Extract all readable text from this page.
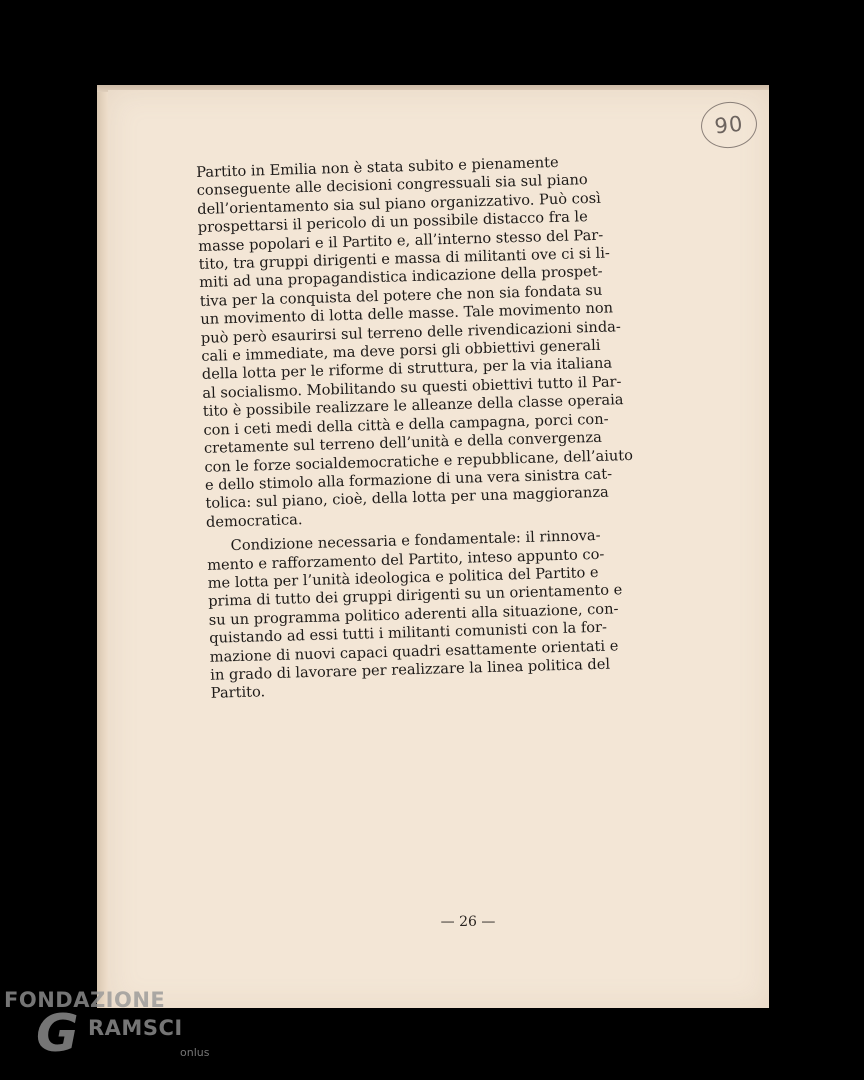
90

Partito in Emilia non è stata subito e pienamente
conseguente alle decisioni congressuali sia sul piano
dell’orientamento sia sul piano organizzativo. Può così
prospettarsi il pericolo di un possibile distacco fra le
masse popolari e il Partito e, all’interno stesso del Par-
tito, tra gruppi dirigenti e massa di militanti ove ci si li-
miti ad una propagandistica indicazione della prospet-
tiva per la conquista del potere che non sia fondata su
un movimento di lotta delle masse. Tale movimento non
può però esaurirsi sul terreno delle rivendicazioni sinda-
cali e immediate, ma deve porsi gli obbiettivi generali
della lotta per le riforme di struttura, per la via italiana
al socialismo. Mobilitando su questi obiettivi tutto il Par-
tito è possibile realizzare le alleanze della classe operaia
con i ceti medi della città e della campagna, porci con-
cretamente sul terreno dell’unità e della convergenza
con le forze socialdemocratiche e repubblicane, dell’aiuto
e dello stimolo alla formazione di una vera sinistra cat-
tolica: sul piano, cioè, della lotta per una maggioranza
democratica.

Condizione necessaria e fondamentale: il rinnova-
mento e rafforzamento del Partito, inteso appunto co-
me lotta per l’unità ideologica e politica del Partito e
prima di tutto dei gruppi dirigenti su un orientamento e
su un programma politico aderenti alla situazione, con-
quistando ad essi tutti i militanti comunisti con la for-
mazione di nuovi capaci quadri esattamente orientati e
in grado di lavorare per realizzare la linea politica del
Partito.

— 26 —
FONDAZIONE
G RAMSCI
onlus
